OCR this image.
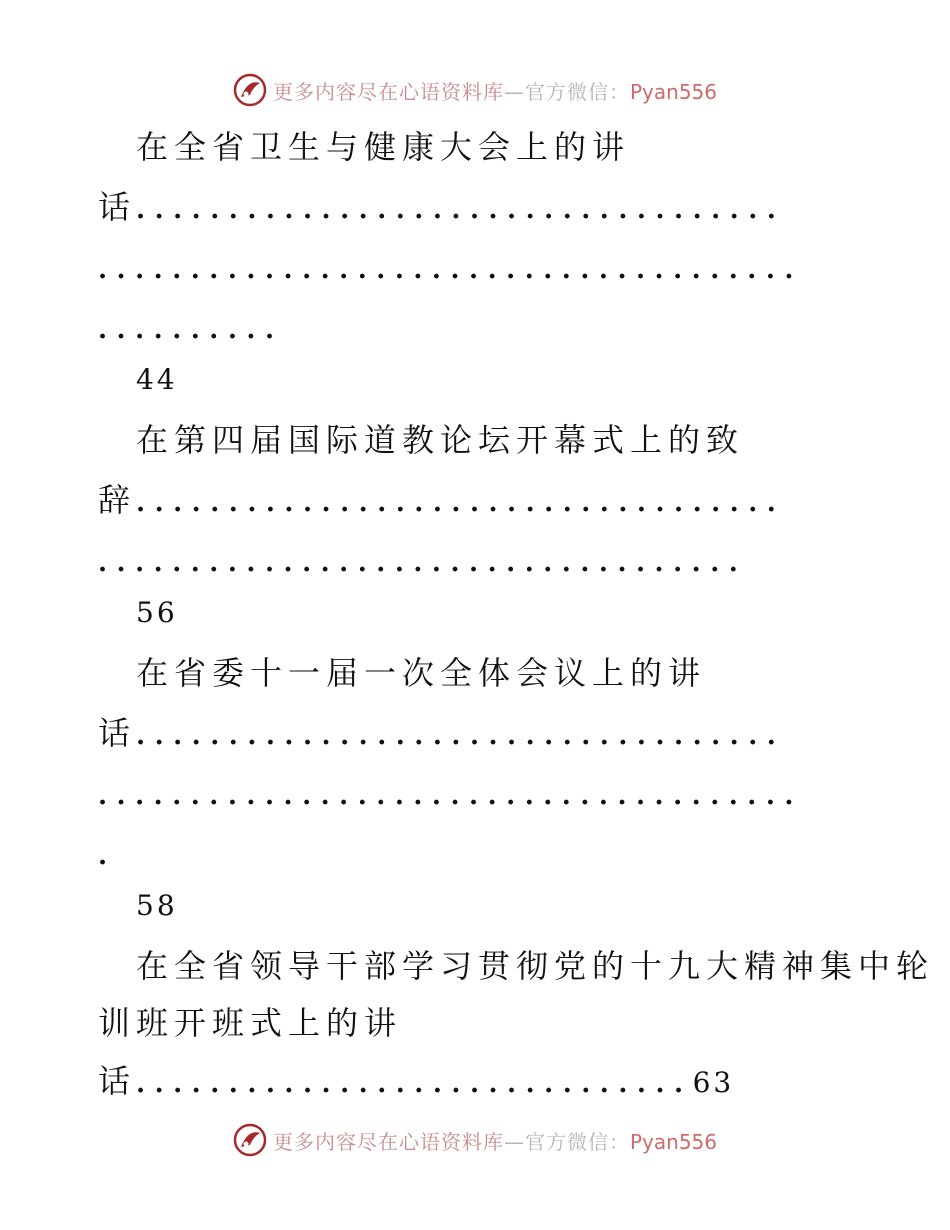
更多内容尽在心语资料库—官方微信：Pyan556
在全省卫生与健康大会上的讲
话...................................
......................................
..........
44
在第四届国际道教论坛开幕式上的致
辞...................................
...................................
56
在省委十一届一次全体会议上的讲
话...................................
......................................
.
58
在全省领导干部学习贯彻党的十九大精神集中轮
训班开班式上的讲
话..............................63
更多内容尽在心语资料库—官方微信：Pyan556
